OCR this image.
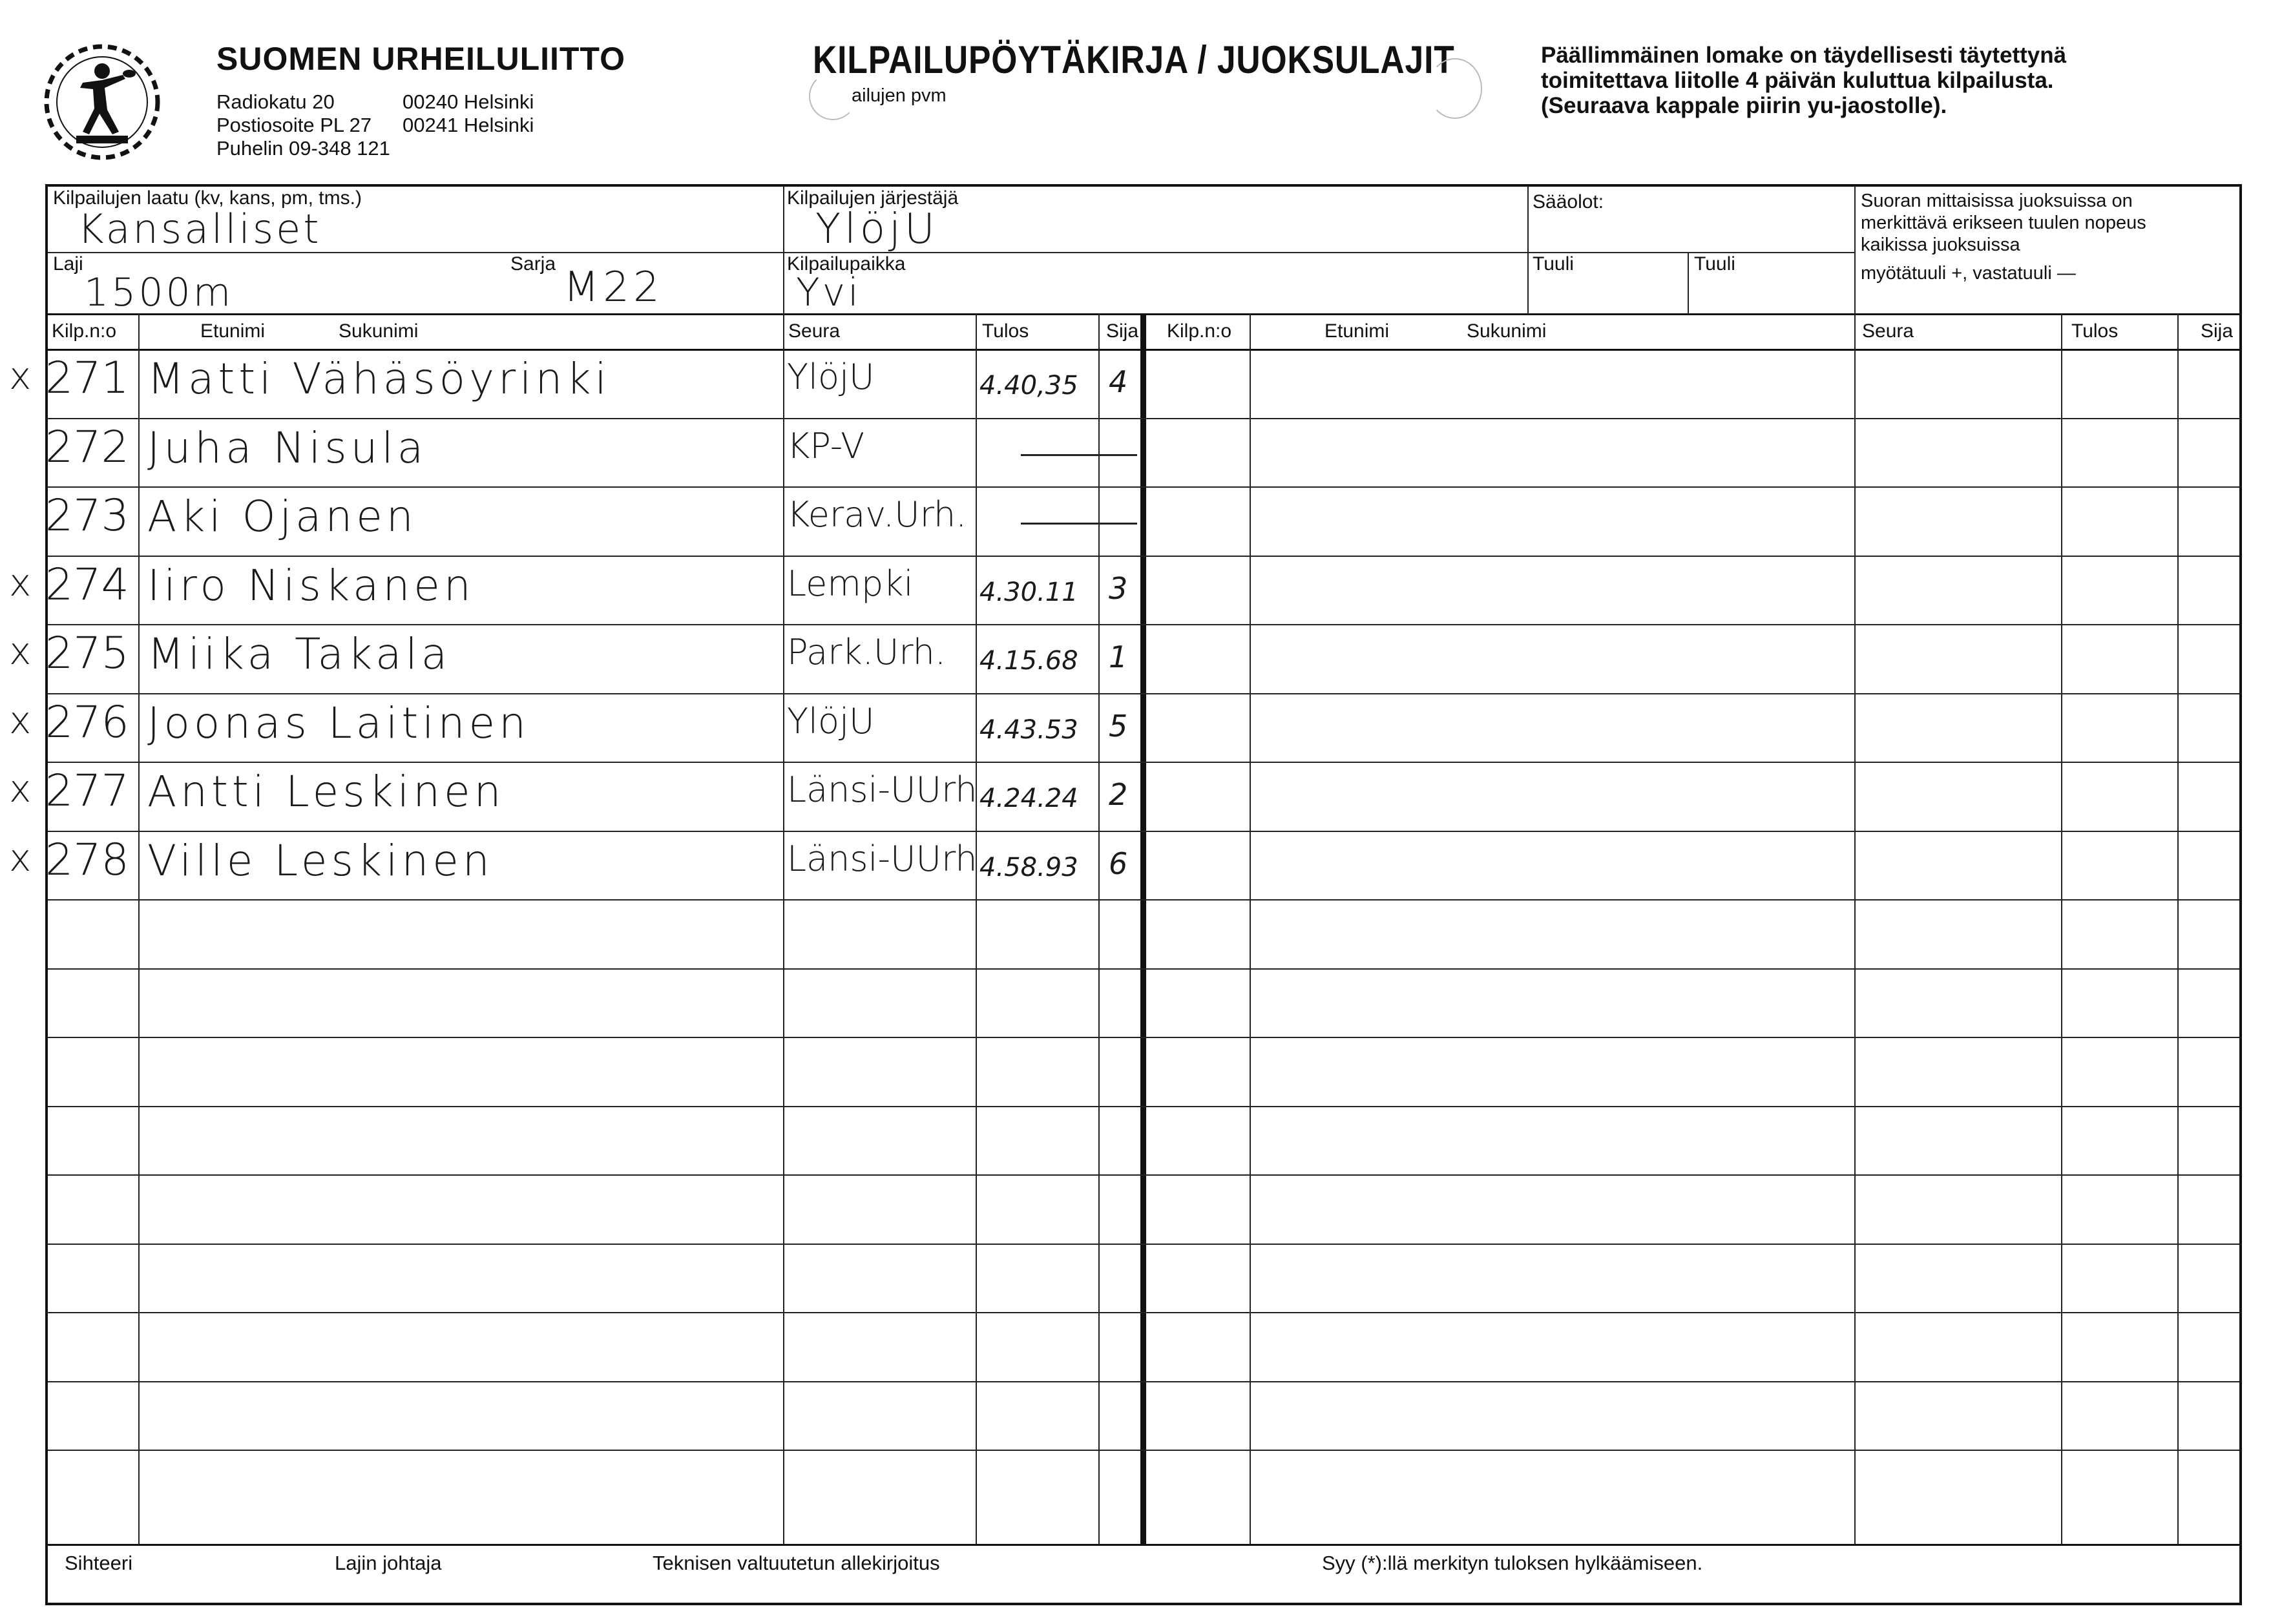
SUOMEN URHEILULIITTO
Radiokatu 20	00240 Helsinki
Postiosoite PL 27 00241 Helsinki
Puhelin 09-348 121
KILPAILUPÖYTÄKIRJA / JUOKSULAJIT
ailujen pvm
Päällimmäinen lomake on täydellisesti täytettynä
toimitettava liitolle 4 päivän kuluttua kilpailusta.
(Seuraava kappale piirin yu-jaostolle).
Kilpailujen laatu (kv, kans, pm, tms.)
Kansalliset
Kilpailujen järjestäjä
YlöjU
Sääolot:
Tuuli	Tuuli
Suoran mittaisissa juoksuissa on
merkittävä erikseen tuulen nopeus
kaikissa juoksuissa
myötätuuli +, vastatuuli —
Laji
1500m
Sarja M22	Kilpailupaikka
Yvi
Kilp.n:o	Etunimi	Sukunimi	Seura	Tulos	Sija Kilp.n:o	Etunimi	Sukunimi	Seura	Tulos	Sija
x 271 Matti Vähäsöyrinki	YlöjU	4.40,35 4
272 Juha Nisula	KP-V
273 Aki Ojanen	Kerav.Urh.
x 274 Iiro Niskanen	Lempki	4.30.11 3
x 275 Miika Takala	Park.Urh. 4.15.68 1
x 276 Joonas Laitinen	YlöjU	4.43.53 5
x 277 Antti Leskinen	Länsi-UUrh 4.24.24 2
x 278 Ville Leskinen	Länsi-UUrh 4.58.93 6
Sihteeri	Lajin johtaja	Teknisen valtuutetun allekirjoitus	Syy (*):llä merkityn tuloksen hylkäämiseen.
